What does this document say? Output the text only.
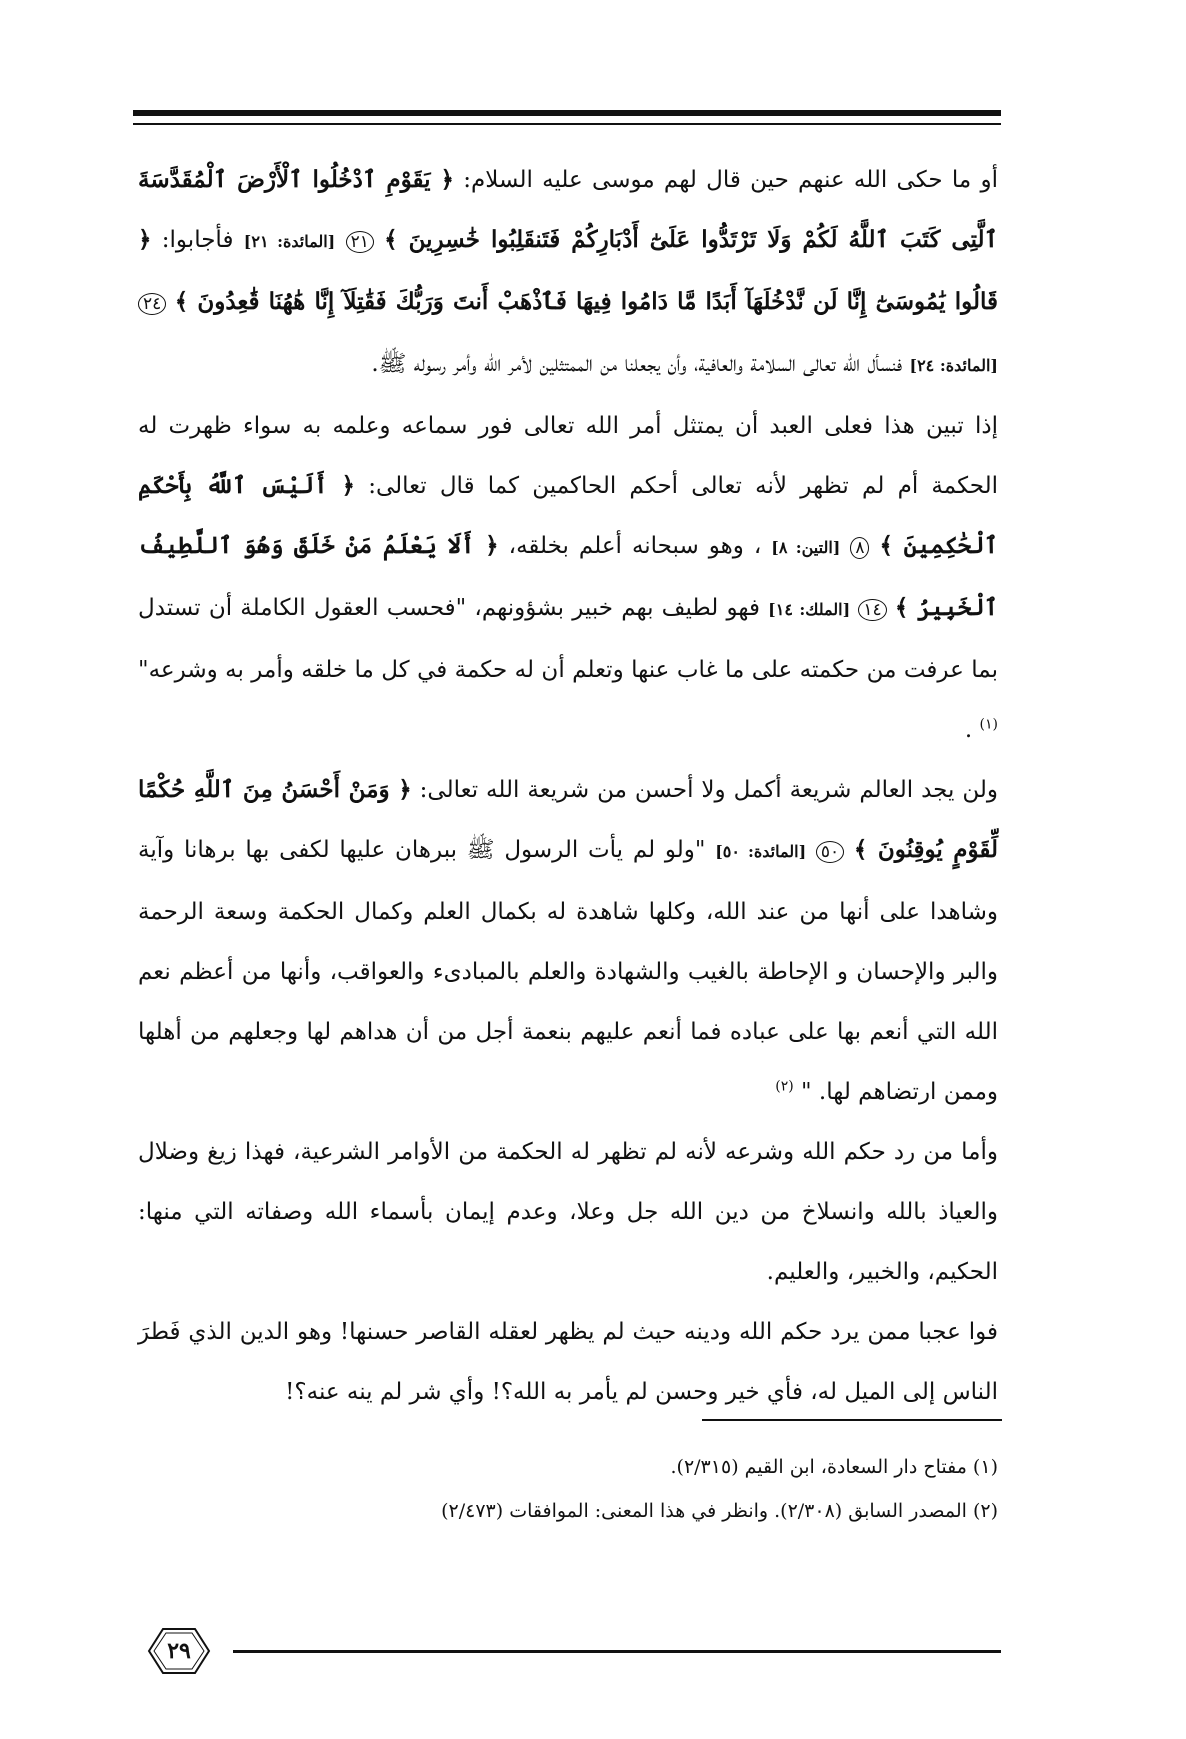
أو ما حكى الله عنهم حين قال لهم موسى عليه السلام: ﴿ يَقَوْمِ ٱدْخُلُوا ٱلْأَرْضَ ٱلْمُقَدَّسَةَ ٱلَّتِى كَتَبَ ٱللَّهُ لَكُمْ وَلَا تَرْتَدُّوا عَلَىٰٓ أَدْبَارِكُمْ فَتَنقَلِبُوا خَٰسِرِينَ ﴾ ٢١ [المائدة: ٢١] فأجابوا: ﴿ قَالُوا يَٰمُوسَىٰٓ إِنَّا لَن نَّدْخُلَهَآ أَبَدًا مَّا دَامُوا فِيهَا فَٱذْهَبْ أَنتَ وَرَبُّكَ فَقَٰتِلَآ إِنَّا هَٰهُنَا قَٰعِدُونَ ﴾ ٢٤ [المائدة: ٢٤] فنسأل الله تعالى السلامة والعافية، وأن يجعلنا من الممتثلين لأمر الله وأمر رسوله ﷺ.

إذا تبين هذا فعلى العبد أن يمتثل أمر الله تعالى فور سماعه وعلمه به سواء ظهرت له الحكمة أم لم تظهر لأنه تعالى أحكم الحاكمين كما قال تعالى: ﴿ أَلَيْسَ ٱللَّهُ بِأَحْكَمِ ٱلْحَٰكِمِينَ ﴾ ٨ [التين: ٨] ، وهو سبحانه أعلم بخلقه، ﴿ أَلَا يَعْلَمُ مَنْ خَلَقَ وَهُوَ ٱللَّطِيفُ ٱلْخَبِيرُ ﴾ ١٤ [الملك: ١٤] فهو لطيف بهم خبير بشؤونهم، "فحسب العقول الكاملة أن تستدل بما عرفت من حكمته على ما غاب عنها وتعلم أن له حكمة في كل ما خلقه وأمر به وشرعه" $^{(١)}$ .

ولن يجد العالم شريعة أكمل ولا أحسن من شريعة الله تعالى: ﴿ وَمَنْ أَحْسَنُ مِنَ ٱللَّهِ حُكْمًا لِّقَوْمٍ يُوقِنُونَ ﴾ ٥٠ [المائدة: ٥٠] "ولو لم يأت الرسول ﷺ ببرهان عليها لكفى بها برهانا وآية وشاهدا على أنها من عند الله، وكلها شاهدة له بكمال العلم وكمال الحكمة وسعة الرحمة والبر والإحسان و الإحاطة بالغيب والشهادة والعلم بالمبادىء والعواقب، وأنها من أعظم نعم الله التي أنعم بها على عباده فما أنعم عليهم بنعمة أجل من أن هداهم لها وجعلهم من أهلها وممن ارتضاهم لها. " $^{(٢)}$

وأما من رد حكم الله وشرعه لأنه لم تظهر له الحكمة من الأوامر الشرعية، فهذا زيغ وضلال والعياذ بالله وانسلاخ من دين الله جل وعلا، وعدم إيمان بأسماء الله وصفاته التي منها: الحكيم، والخبير، والعليم.

فوا عجبا ممن يرد حكم الله ودينه حيث لم يظهر لعقله القاصر حسنها! وهو الدين الذي فَطرَ الناس إلى الميل له، فأي خير وحسن لم يأمر به الله؟! وأي شر لم ينه عنه؟!

(١) مفتاح دار السعادة، ابن القيم (٢/٣١٥).

(٢) المصدر السابق (٢/٣٠٨). وانظر في هذا المعنى: الموافقات (٢/٤٧٣)

٢٩
